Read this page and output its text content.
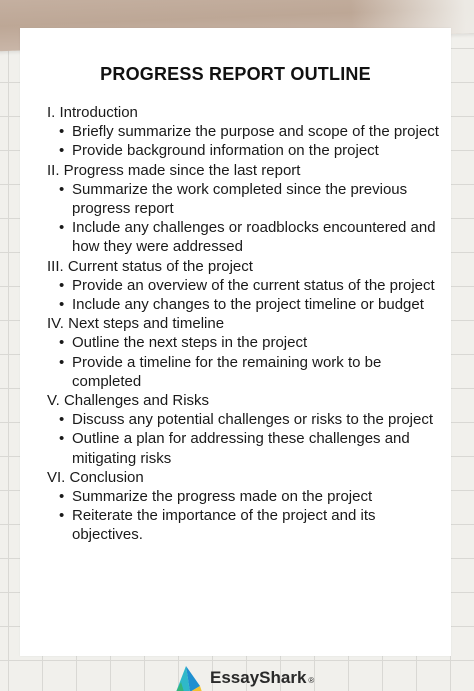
PROGRESS REPORT OUTLINE
I. Introduction
• Briefly summarize the purpose and scope of the project
• Provide background information on the project
II. Progress made since the last report
• Summarize the work completed since the previous progress report
• Include any challenges or roadblocks encountered and how they were addressed
III. Current status of the project
• Provide an overview of the current status of the project
• Include any changes to the project timeline or budget
IV. Next steps and timeline
• Outline the next steps in the project
• Provide a timeline for the remaining work to be completed
V. Challenges and Risks
• Discuss any potential challenges or risks to the project
• Outline a plan for addressing these challenges and mitigating risks
VI. Conclusion
• Summarize the progress made on the project
• Reiterate the importance of the project and its objectives.
EssayShark ®
